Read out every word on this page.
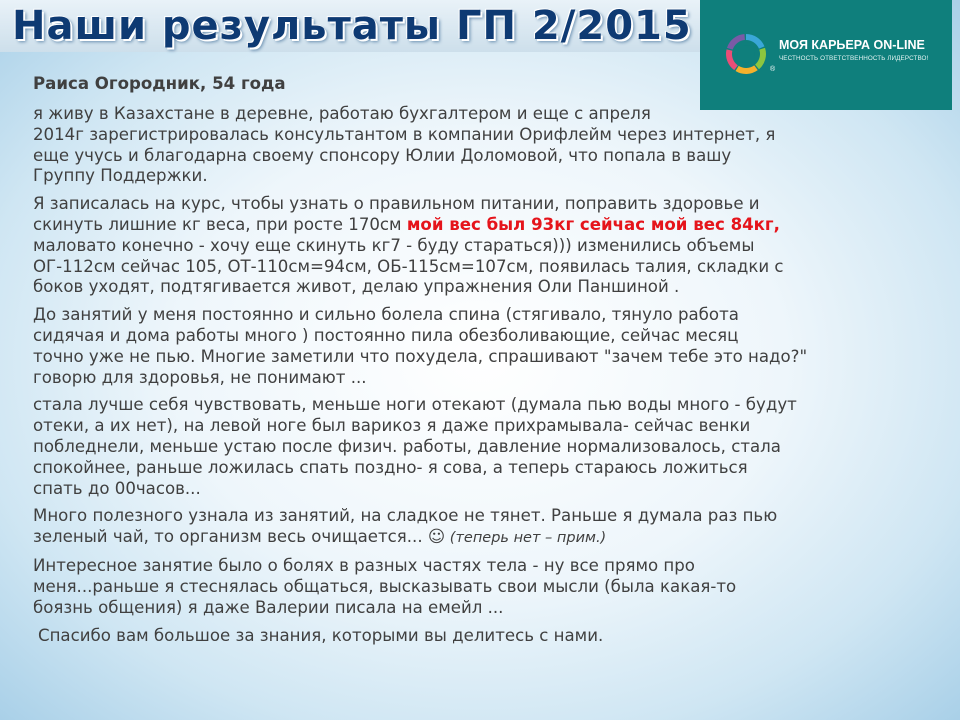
Наши результаты ГП 2/2015
®
МОЯ КАРЬЕРА ON-LINE
ЧЕСТНОСТЬ ОТВЕТСТВЕННОСТЬ ЛИДЕРСТВО!
Раиса Огородник, 54 года
я живу в Казахстане в деревне, работаю бухгалтером и еще с апреля
2014г зарегистрировалась консультантом в компании Орифлейм через интернет, я
еще учусь и благодарна своему спонсору Юлии Доломовой, что попала в вашу
Группу Поддержки.
Я записалась на курс, чтобы узнать о правильном питании, поправить здоровье и
скинуть лишние кг веса, при росте 170см мой вес был 93кг сейчас мой вес 84кг,
маловато конечно - хочу еще скинуть кг7 - буду стараться))) изменились объемы
ОГ-112см сейчас 105, ОТ-110см=94см, ОБ-115см=107см, появилась талия, складки с
боков уходят, подтягивается живот, делаю упражнения Оли Паншиной .
До занятий у меня постоянно и сильно болела спина (стягивало, тянуло работа
сидячая и дома работы много ) постоянно пила обезболивающие, сейчас месяц
точно уже не пью. Многие заметили что похудела, спрашивают "зачем тебе это надо?"
говорю для здоровья, не понимают ...
стала лучше себя чувствовать, меньше ноги отекают (думала пью воды много - будут
отеки, а их нет), на левой ноге был варикоз я даже прихрамывала- сейчас венки
побледнели, меньше устаю после физич. работы, давление нормализовалось, стала
спокойнее, раньше ложилась спать поздно- я сова, а теперь стараюсь ложиться
спать до 00часов...
Много полезного узнала из занятий, на сладкое не тянет. Раньше я думала раз пью
зеленый чай, то организм весь очищается... ☺ (теперь нет – прим.)
Интересное занятие было о болях в разных частях тела - ну все прямо про
меня...раньше я стеснялась общаться, высказывать свои мысли (была какая-то
боязнь общения) я даже Валерии писала на емейл ...
Спасибо вам большое за знания, которыми вы делитесь с нами.
